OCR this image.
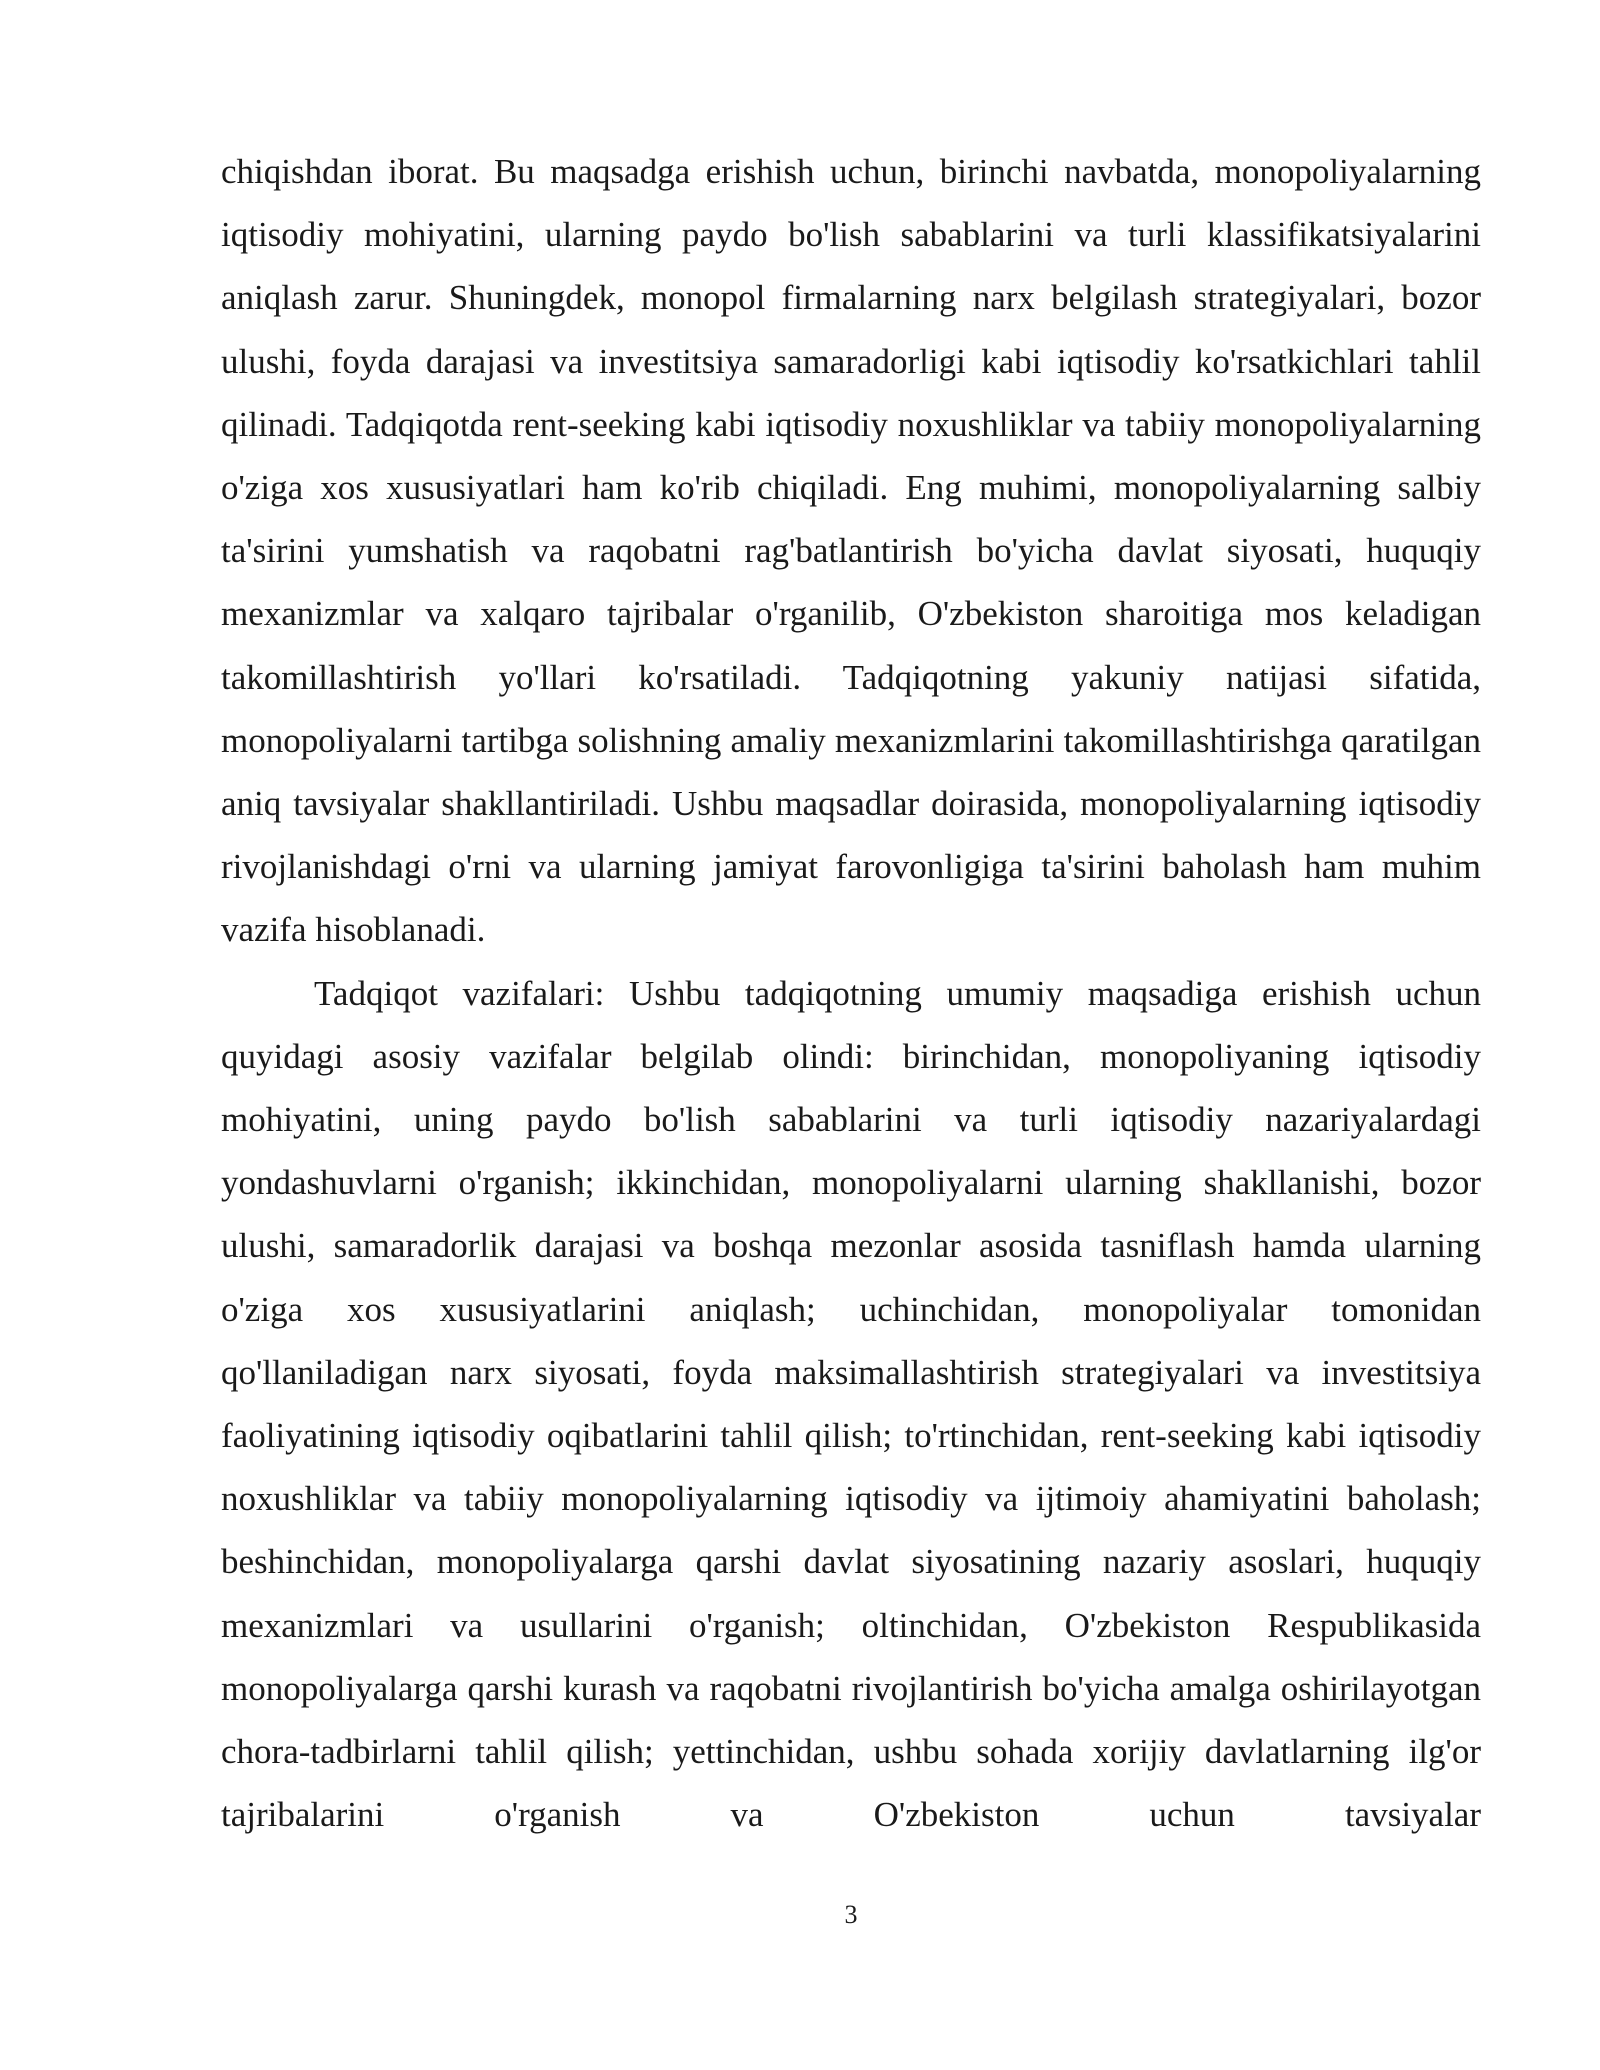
chiqishdan iborat. Bu maqsadga erishish uchun, birinchi navbatda, monopoliyalarning iqtisodiy mohiyatini, ularning paydo bo'lish sabablarini va turli klassifikatsiyalarini aniqlash zarur. Shuningdek, monopol firmalarning narx belgilash strategiyalari, bozor ulushi, foyda darajasi va investitsiya samaradorligi kabi iqtisodiy ko'rsatkichlari tahlil qilinadi. Tadqiqotda rent-seeking kabi iqtisodiy noxushliklar va tabiiy monopoliyalarning o'ziga xos xususiyatlari ham ko'rib chiqiladi. Eng muhimi, monopoliyalarning salbiy ta'sirini yumshatish va raqobatni rag'batlantirish bo'yicha davlat siyosati, huquqiy mexanizmlar va xalqaro tajribalar o'rganilib, O'zbekiston sharoitiga mos keladigan takomillashtirish yo'llari ko'rsatiladi. Tadqiqotning yakuniy natijasi sifatida, monopoliyalarni tartibga solishning amaliy mexanizmlarini takomillashtirishga qaratilgan aniq tavsiyalar shakllantiriladi. Ushbu maqsadlar doirasida, monopoliyalarning iqtisodiy rivojlanishdagi o'rni va ularning jamiyat farovonligiga ta'sirini baholash ham muhim vazifa hisoblanadi.

Tadqiqot vazifalari: Ushbu tadqiqotning umumiy maqsadiga erishish uchun quyidagi asosiy vazifalar belgilab olindi: birinchidan, monopoliyaning iqtisodiy mohiyatini, uning paydo bo'lish sabablarini va turli iqtisodiy nazariyalardagi yondashuvlarni o'rganish; ikkinchidan, monopoliyalarni ularning shakllanishi, bozor ulushi, samaradorlik darajasi va boshqa mezonlar asosida tasniflash hamda ularning o'ziga xos xususiyatlarini aniqlash; uchinchidan, monopoliyalar tomonidan qo'llaniladigan narx siyosati, foyda maksimallashtirish strategiyalari va investitsiya faoliyatining iqtisodiy oqibatlarini tahlil qilish; to'rtinchidan, rent-seeking kabi iqtisodiy noxushliklar va tabiiy monopoliyalarning iqtisodiy va ijtimoiy ahamiyatini baholash; beshinchidan, monopoliyalarga qarshi davlat siyosatining nazariy asoslari, huquqiy mexanizmlari va usullarini o'rganish; oltinchidan, O'zbekiston Respublikasida monopoliyalarga qarshi kurash va raqobatni rivojlantirish bo'yicha amalga oshirilayotgan chora-tadbirlarni tahlil qilish; yettinchidan, ushbu sohada xorijiy davlatlarning ilg'or tajribalarini o'rganish va O'zbekiston uchun tavsiyalar

3
